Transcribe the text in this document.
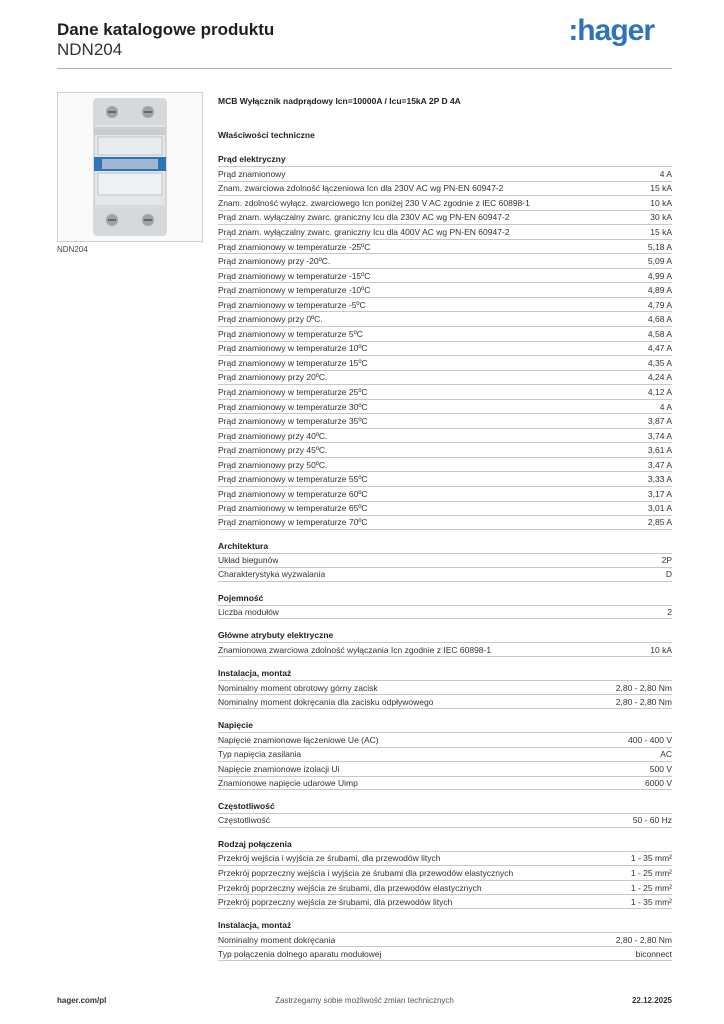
Dane katalogowe produktu
NDN204
:hager
NDN204
MCB Wyłącznik nadprądowy Icn=10000A / Icu=15kA 2P D 4A
Właściwości techniczne
Prąd elektryczny
Prąd znamionowy	4 A
Znam. zwarciowa zdolność łączeniowa Icn dla 230V AC wg PN-EN 60947-2	15 kA
Znam. zdolność wyłącz. zwarciowego Icn poniżej 230 V AC zgodnie z IEC 60898-1	10 kA
Prąd znam. wyłączalny zwarc. graniczny Icu dla 230V AC wg PN-EN 60947-2	30 kA
Prąd znam. wyłączalny zwarc. graniczny Icu dla 400V AC wg PN-EN 60947-2	15 kA
Prąd znamionowy w temperaturze -25ºC	5,18 A
Prąd znamionowy przy -20ºC.	5,09 A
Prąd znamionowy w temperaturze -15ºC	4,99 A
Prąd znamionowy w temperaturze -10ºC	4,89 A
Prąd znamionowy w temperaturze -5ºC	4,79 A
Prąd znamionowy przy 0ºC.	4,68 A
Prąd znamionowy w temperaturze 5ºC	4,58 A
Prąd znamionowy w temperaturze 10ºC	4,47 A
Prąd znamionowy w temperaturze 15ºC	4,35 A
Prąd znamionowy przy 20ºC.	4,24 A
Prąd znamionowy w temperaturze 25ºC	4,12 A
Prąd znamionowy w temperaturze 30ºC	4 A
Prąd znamionowy w temperaturze 35ºC	3,87 A
Prąd znamionowy przy 40ºC.	3,74 A
Prąd znamionowy przy 45ºC.	3,61 A
Prąd znamionowy przy 50ºC.	3,47 A
Prąd znamionowy w temperaturze 55ºC	3,33 A
Prąd znamionowy w temperaturze 60ºC	3,17 A
Prąd znamionowy w temperaturze 65ºC	3,01 A
Prąd znamionowy w temperaturze 70ºC	2,85 A
Architektura
Układ biegunów	2P
Charakterystyka wyzwalania	D
Pojemność
Liczba modułów	2
Główne atrybuty elektryczne
Znamionowa zwarciowa zdolność wyłączania Icn zgodnie z IEC 60898-1	10 kA
Instalacja, montaż
Nominalny moment obrotowy górny zacisk	2,80 - 2,80 Nm
Nominalny moment dokręcania dla zacisku odpływowego	2,80 - 2,80 Nm
Napięcie
Napięcie znamionowe łączeniowe Ue (AC)	400 - 400 V
Typ napięcia zasilania	AC
Napięcie znamionowe izolacji Ui	500 V
Znamionowe napięcie udarowe Uimp	6000 V
Częstotliwość
Częstotliwość	50 - 60 Hz
Rodzaj połączenia
Przekrój wejścia i wyjścia ze śrubami, dla przewodów litych	1 - 35 mm²
Przekrój poprzeczny wejścia i wyjścia ze śrubami dla przewodów elastycznych	1 - 25 mm²
Przekrój poprzeczny wejścia ze śrubami, dla przewodów elastycznych	1 - 25 mm²
Przekrój poprzeczny wejścia ze śrubami, dla przewodów litych	1 - 35 mm²
Instalacja, montaż
Nominalny moment dokręcania	2,80 - 2,80 Nm
Typ połączenia dolnego aparatu modułowej	biconnect
hager.com/pl	Zastrzegamy sobie możliwość zmian technicznych	22.12.2025
